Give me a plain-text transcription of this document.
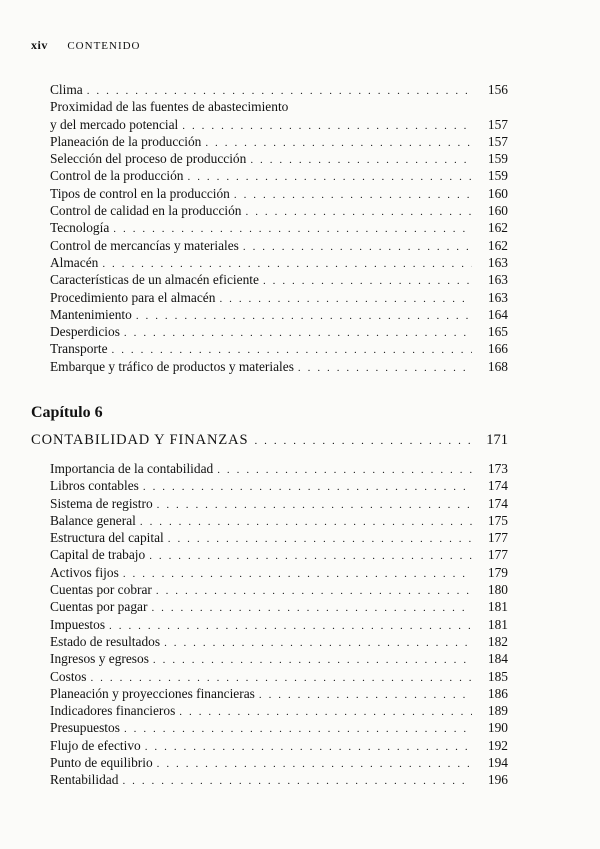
xiv CONTENIDO
Clima . . .	156
Proximidad de las fuentes de abastecimiento
y del mercado potencial . . .	157
Planeación de la producción . . .	157
Selección del proceso de producción . . .	159
Control de la producción . . .	159
Tipos de control en la producción . . .	160
Control de calidad en la producción . . .	160
Tecnología . . .	162
Control de mercancías y materiales . . .	162
Almacén . . .	163
Características de un almacén eficiente . . .	163
Procedimiento para el almacén . . .	163
Mantenimiento . . .	164
Desperdicios . . .	165
Transporte . . .	166
Embarque y tráfico de productos y materiales . . .	168
Capítulo 6
CONTABILIDAD Y FINANZAS . . .	171
Importancia de la contabilidad . . .	173
Libros contables . . .	174
Sistema de registro . . .	174
Balance general . . .	175
Estructura del capital . . .	177
Capital de trabajo . . .	177
Activos fijos . . .	179
Cuentas por cobrar . . .	180
Cuentas por pagar . . .	181
Impuestos . . .	181
Estado de resultados . . .	182
Ingresos y egresos . . .	184
Costos . . .	185
Planeación y proyecciones financieras . . .	186
Indicadores financieros . . .	189
Presupuestos . . .	190
Flujo de efectivo . . .	192
Punto de equilibrio . . .	194
Rentabilidad . . .	196
